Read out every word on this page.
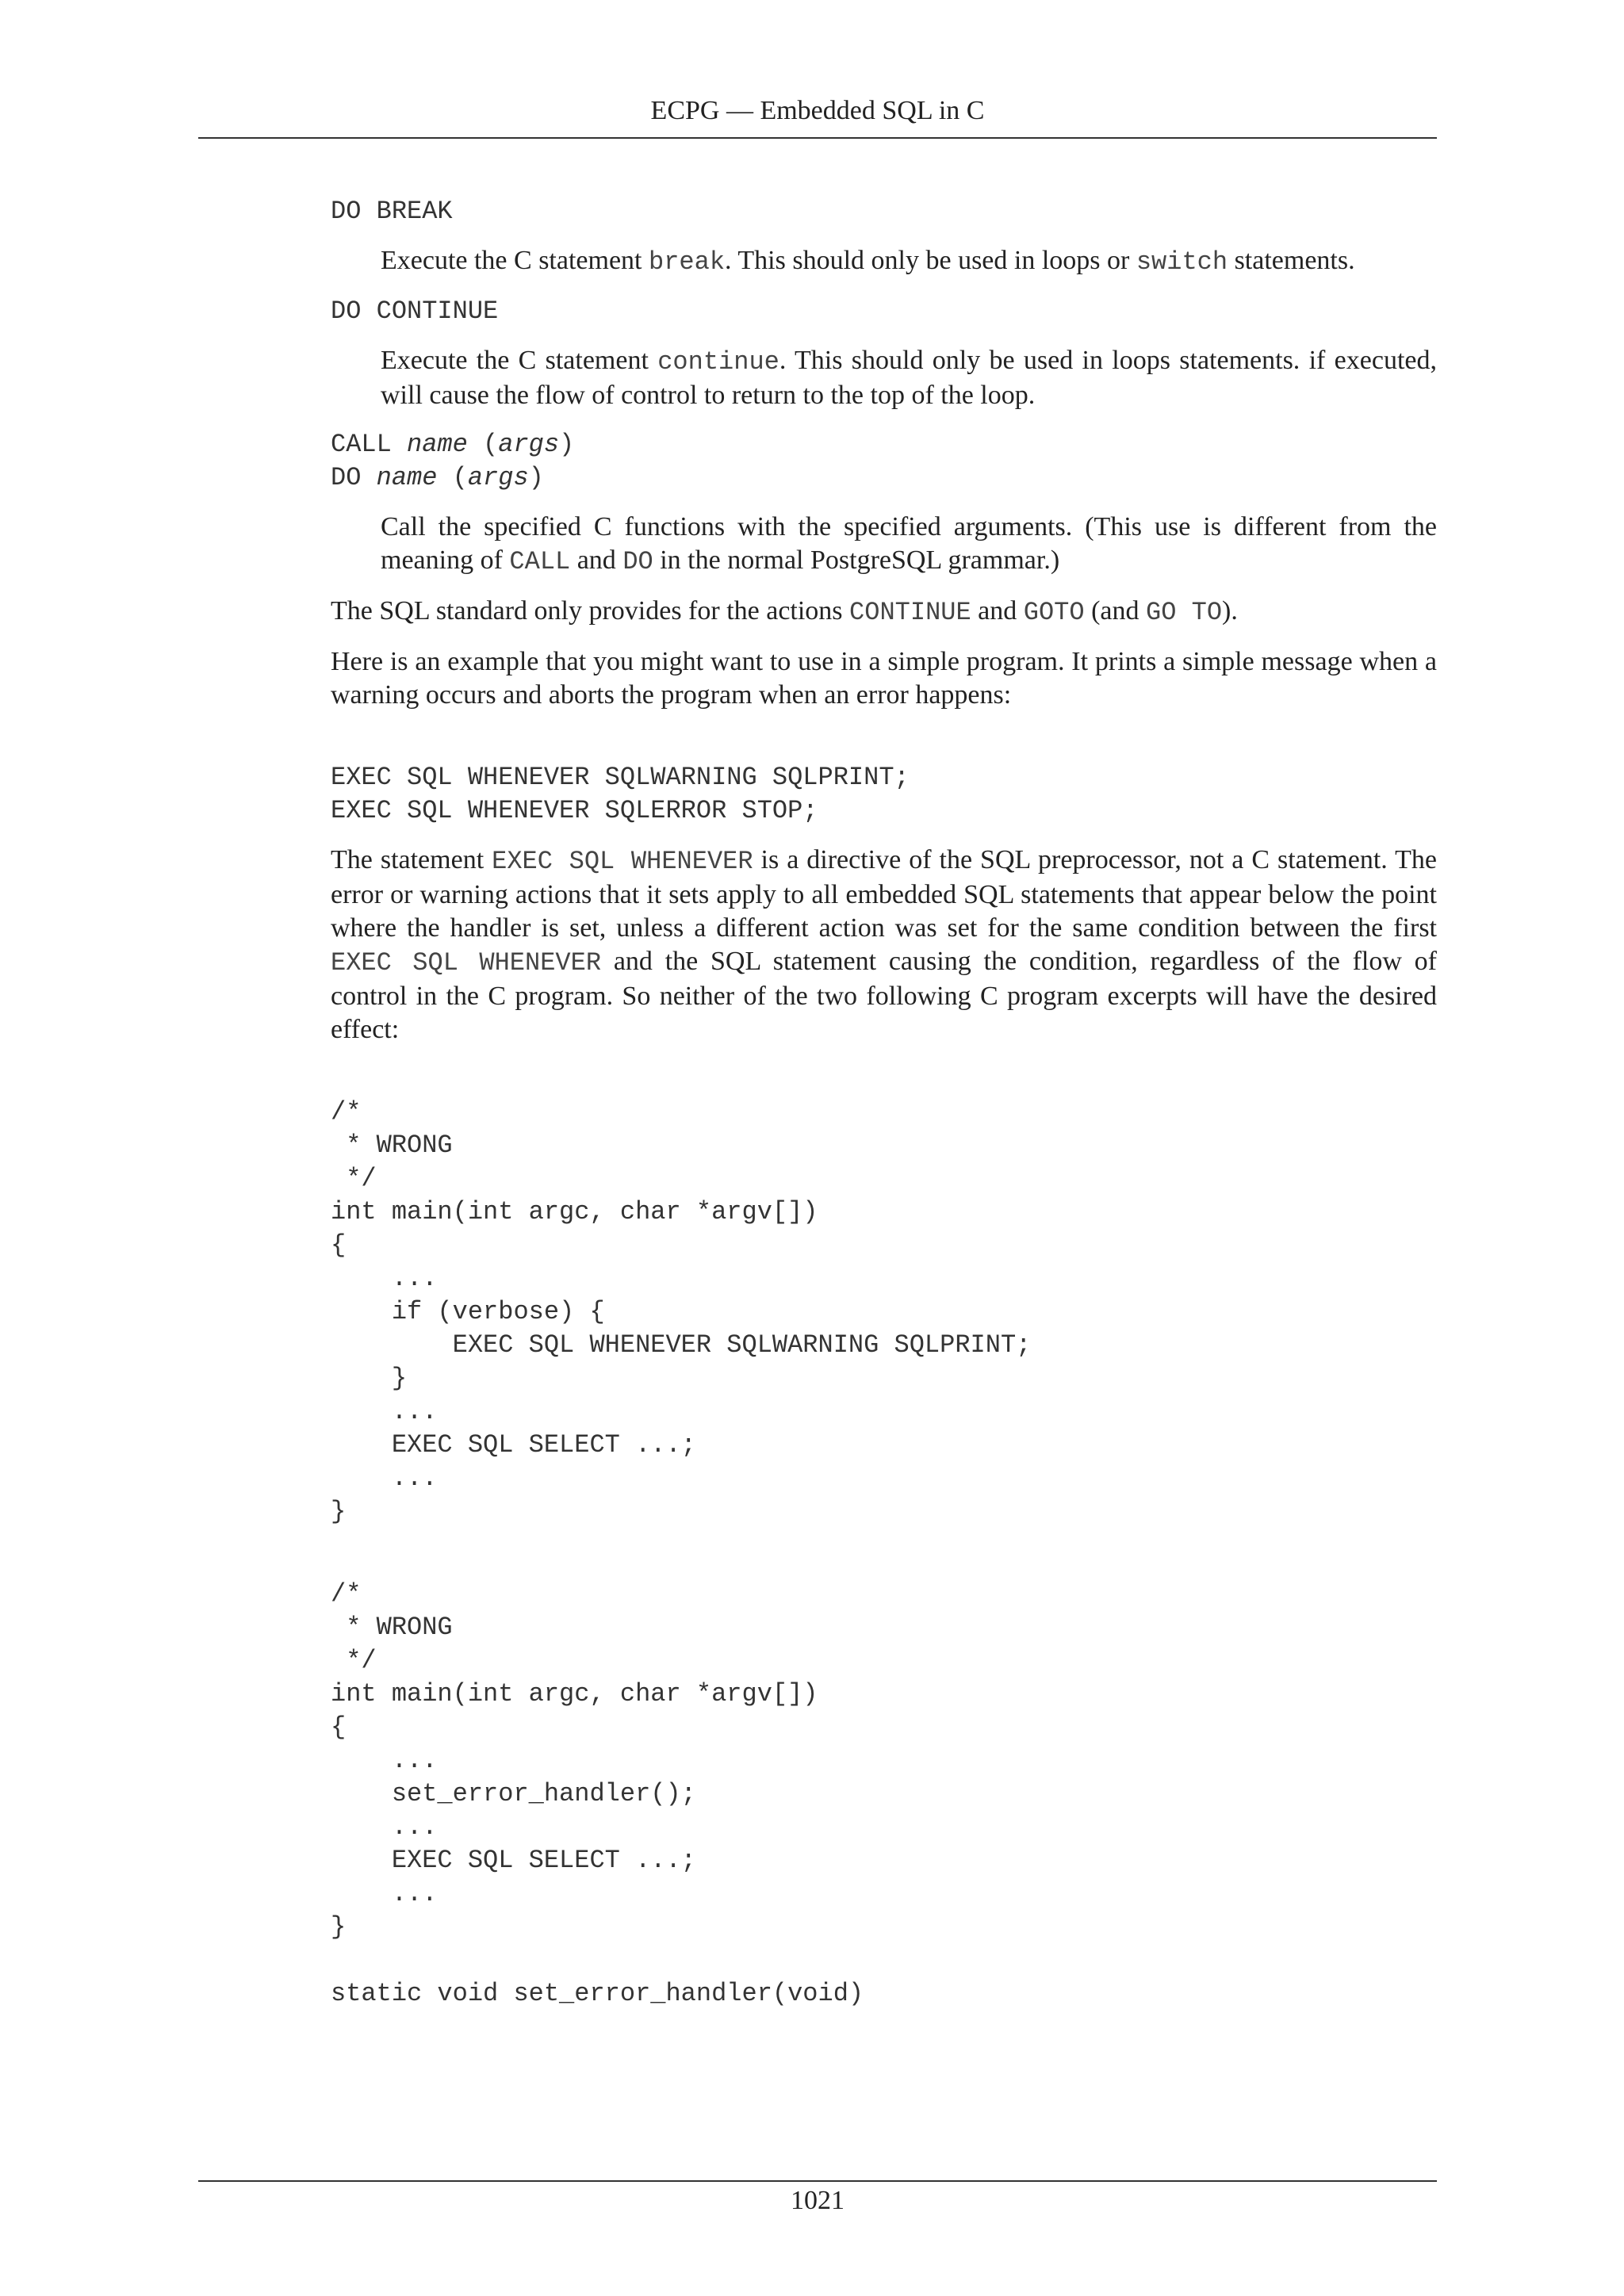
ECPG — Embedded SQL in C
DO BREAK

Execute the C statement break. This should only be used in loops or switch statements.

DO CONTINUE

Execute the C statement continue. This should only be used in loops statements. if executed, will cause the flow of control to return to the top of the loop.

CALL name (args)
DO name (args)

Call the specified C functions with the specified arguments. (This use is different from the meaning of CALL and DO in the normal PostgreSQL grammar.)

The SQL standard only provides for the actions CONTINUE and GOTO (and GO TO).

Here is an example that you might want to use in a simple program. It prints a simple message when a warning occurs and aborts the program when an error happens:

EXEC SQL WHENEVER SQLWARNING SQLPRINT;
EXEC SQL WHENEVER SQLERROR STOP;

The statement EXEC SQL WHENEVER is a directive of the SQL preprocessor, not a C statement. The error or warning actions that it sets apply to all embedded SQL statements that appear below the point where the handler is set, unless a different action was set for the same condition between the first EXEC SQL WHENEVER and the SQL statement causing the condition, regardless of the flow of control in the C program. So neither of the two following C program excerpts will have the desired effect:

/*
* WRONG
*/
int main(int argc, char *argv[])
{
...
if (verbose) {
EXEC SQL WHENEVER SQLWARNING SQLPRINT;
}
...
EXEC SQL SELECT ...;
...
}
/*
* WRONG
*/
int main(int argc, char *argv[])
{
...
set_error_handler();
...
EXEC SQL SELECT ...;
...
}

static void set_error_handler(void)
1021
